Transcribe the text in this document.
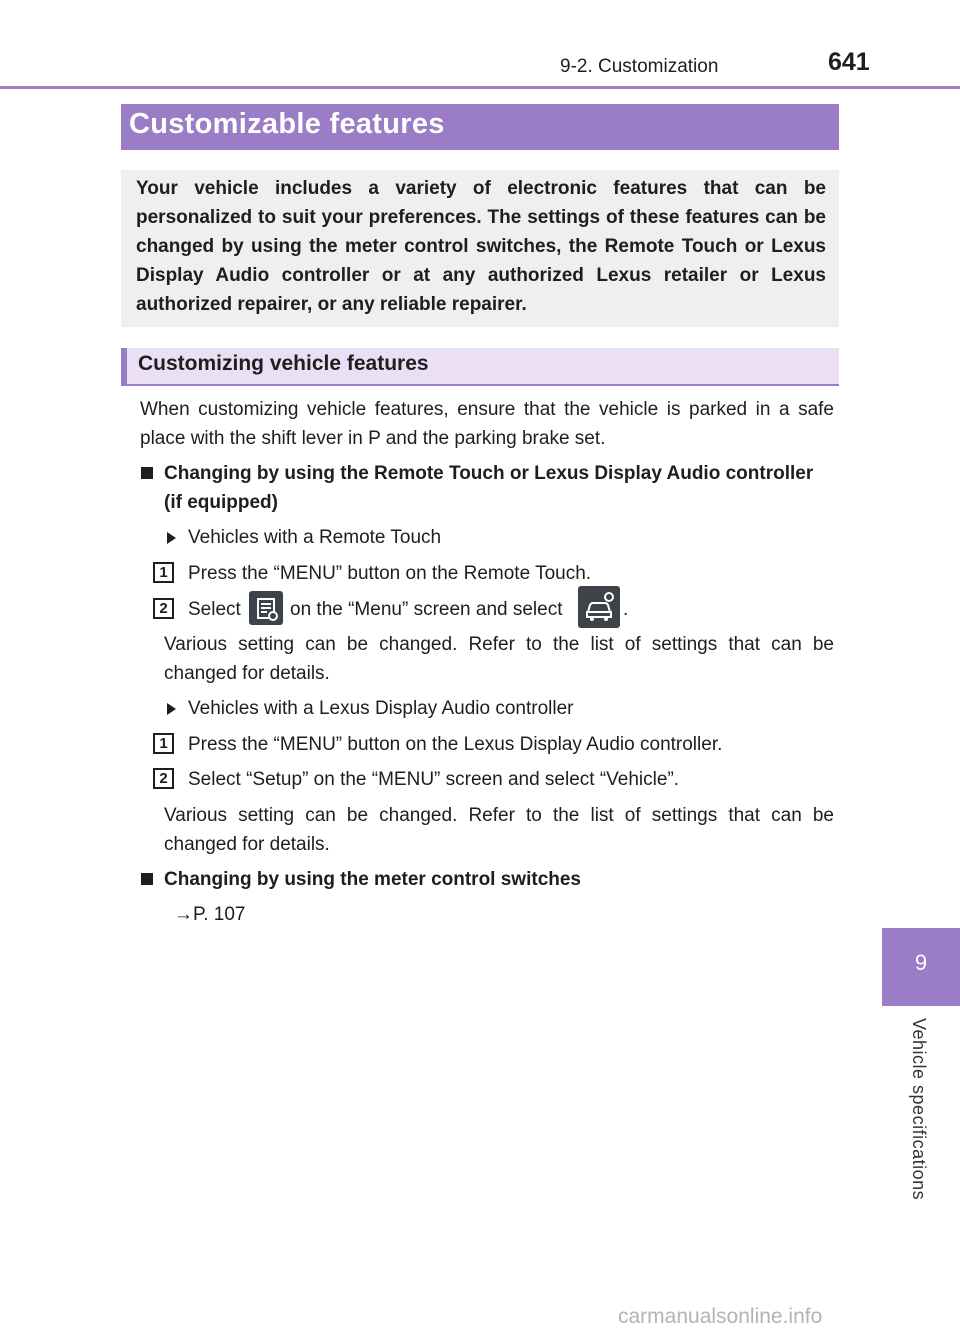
9-2. Customization	641
Customizable features
Your vehicle includes a variety of electronic features that can be personalized to suit your preferences. The settings of these features can be changed by using the meter control switches, the Remote Touch or Lexus Display Audio controller or at any authorized Lexus retailer or Lexus authorized repairer, or any reliable repairer.
Customizing vehicle features
When customizing vehicle features, ensure that the vehicle is parked in a safe place with the shift lever in P and the parking brake set.
Changing by using the Remote Touch or Lexus Display Audio controller
(if equipped)
Vehicles with a Remote Touch
1	Press the “MENU” button on the Remote Touch.
2	Select	on the “Menu” screen and select	.
Various setting can be changed. Refer to the list of settings that can be
changed for details.
Vehicles with a Lexus Display Audio controller
1	Press the “MENU” button on the Lexus Display Audio controller.
2	Select “Setup” on the “MENU” screen and select “Vehicle”.
Various setting can be changed. Refer to the list of settings that can be
changed for details.
Changing by using the meter control switches
→P. 107
9
Vehicle specifications
carmanualsonline.info
